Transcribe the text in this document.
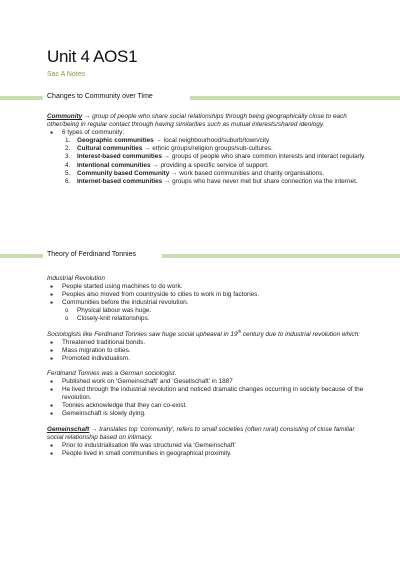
Unit 4 AOS1
Sac A Notes
Changes to Community over Time

Community → group of people who share social relationships through being geographically close to each other/being in regular contact through having similarities such as mutual interests/shared ideology.

● 6 types of community:
1. Geographic communities → local neighbourhood/suburb/town/city
2. Cultural communities → ethnic groups/religion groups/sub-cultures.
3. Interest-based communities → groups of people who share common interests and interact regularly.
4. Intentional communities → providing a specific service of support.
5. Community based Community → work based communities and charity organisations.
6. Internet-based communities → groups who have never met but share connection via the internet.
Theory of Ferdinand Tonnies

Industrial Revolution

● People started using machines to do work.
● Peoples also moved from countryside to cities to work in big factories.
● Communities before the industrial revolution.
o Physical labour was huge.
o Closely-knit relationships.

Sociologists like Ferdinand Tonnies saw huge social upheaval in 19th century due to industrial revolution which:

● Threatened traditional bonds.
● Mass migration to cities.
● Promoted individualism.

Ferdinand Tonnies was a German sociologist.

● Published work on ‘Gemeinschaft’ and ‘Gesellschaft’ in 1887
● He lived through the industrial revolution and noticed dramatic changes occurring in society because of the revolution.
● Tonnies acknowledge that they can co-exist.
● Gemeinschaft is slowly dying.

Gemeinschaft → translates top ‘community’, refers to small societies (often rural) consisting of close familiar social relationship based on intimacy.

● Prior to industrialisation life was structured via ‘Gemeinschaft’
● People lived in small communities in geographical proximity.
